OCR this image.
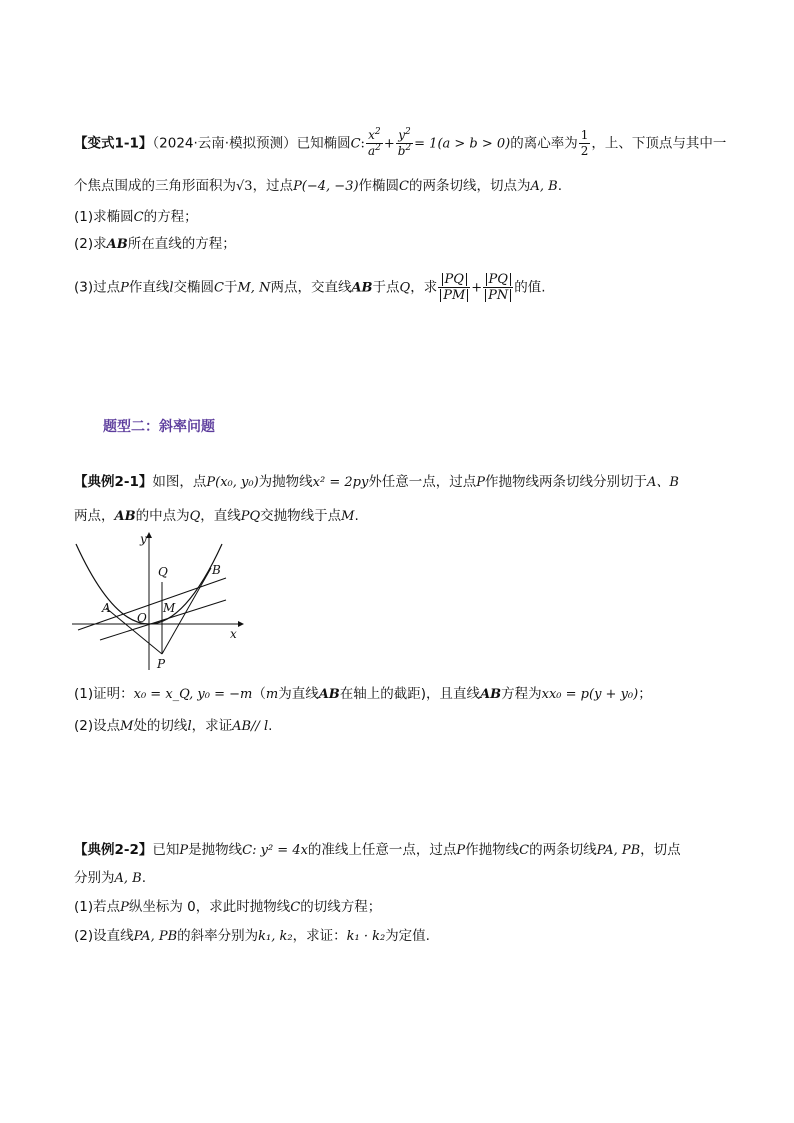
【变式1-1】（2024·云南·模拟预测）已知椭圆C: $\frac{x^2}{a^2} + \frac{y^2}{b^2} = 1(a > b > 0)$的离心率为 $\frac{1}{2}$ ，上、下顶点与其中一
个焦点围成的三角形面积为√3，过点P(−4, −3)作椭圆C的两条切线，切点为A, B.
(1)求椭圆C的方程；
(2)求AB所在直线的方程；
(3)过点P作直线l交椭圆C于M, N两点，交直线AB于点Q，求 $\frac{PQ}{PM} + \frac{PQ}{PN}$ 的值.
题型二：斜率问题
【典例2-1】如图，点P(x₀, y₀)为抛物线x² = 2py外任意一点，过点P作抛物线两条切线分别切于A、B
两点，AB的中点为Q，直线PQ交抛物线于点M.
y
x
Q	B
A
O
M
P
(1)证明：x₀ = x_Q, y₀ = −m（m为直线AB在轴上的截距)，且直线AB方程为xx₀ = p(y + y₀)；
(2)设点M处的切线l，求证AB// l.
【典例2-2】已知P是抛物线C: y² = 4x的准线上任意一点，过点P作抛物线C的两条切线PA, PB，切点
分别为A, B.
(1)若点P纵坐标为 0，求此时抛物线C的切线方程；
(2)设直线PA, PB的斜率分别为k₁, k₂，求证：k₁ · k₂为定值.
